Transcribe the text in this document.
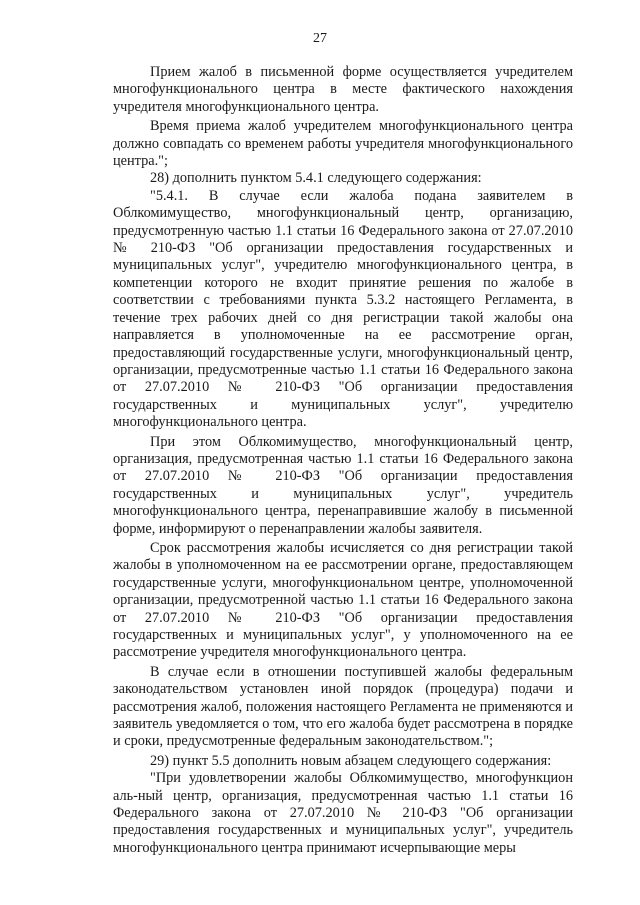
27

Прием жалоб в письменной форме осуществляется учредителем многофункционального центра в месте фактического нахождения учредителя многофункционального центра.

Время приема жалоб учредителем многофункционального центра должно совпадать со временем работы учредителя многофункционального центра.";

28) дополнить пунктом 5.4.1 следующего содержания:

"5.4.1. В случае если жалоба подана заявителем в Облкомимущество, многофункциональный центр, организацию, предусмотренную частью 1.1 статьи 16 Федерального закона от 27.07.2010 № 210-ФЗ "Об организации предоставления государственных и муниципальных услуг", учредителю многофункционального центра, в компетенции которого не входит принятие решения по жалобе в соответствии с требованиями пункта 5.3.2 настоящего Регламента, в течение трех рабочих дней со дня регистрации такой жалобы она направляется в уполномоченные на ее рассмотрение орган, предоставляющий государственные услуги, многофункциональный центр, организации, предусмотренные частью 1.1 статьи 16 Федерального закона от 27.07.2010 № 210-ФЗ "Об организации предоставления государственных и муниципальных услуг", учредителю многофункционального центра.

При этом Облкомимущество, многофункциональный центр, организация, предусмотренная частью 1.1 статьи 16 Федерального закона от 27.07.2010 № 210-ФЗ "Об организации предоставления государственных и муниципальных услуг", учредитель многофункционального центра, перенаправившие жалобу в письменной форме, информируют о перенаправлении жалобы заявителя.

Срок рассмотрения жалобы исчисляется со дня регистрации такой жалобы в уполномоченном на ее рассмотрении органе, предоставляющем государственные услуги, многофункциональном центре, уполномоченной организации, предусмотренной частью 1.1 статьи 16 Федерального закона от 27.07.2010 № 210-ФЗ "Об организации предоставления государственных и муниципальных услуг", у уполномоченного на ее рассмотрение учредителя многофункционального центра.

В случае если в отношении поступившей жалобы федеральным законодательством установлен иной порядок (процедура) подачи и рассмотрения жалоб, положения настоящего Регламента не применяются и заявитель уведомляется о том, что его жалоба будет рассмотрена в порядке и сроки, предусмотренные федеральным законодательством.";

29) пункт 5.5 дополнить новым абзацем следующего содержания:

"При удовлетворении жалобы Облкомимущество, многофункцион аль-ный центр, организация, предусмотренная частью 1.1 статьи 16 Федерального закона от 27.07.2010 № 210-ФЗ "Об организации предоставления государственных и муниципальных услуг", учредитель многофункционального центра принимают исчерпывающие меры
